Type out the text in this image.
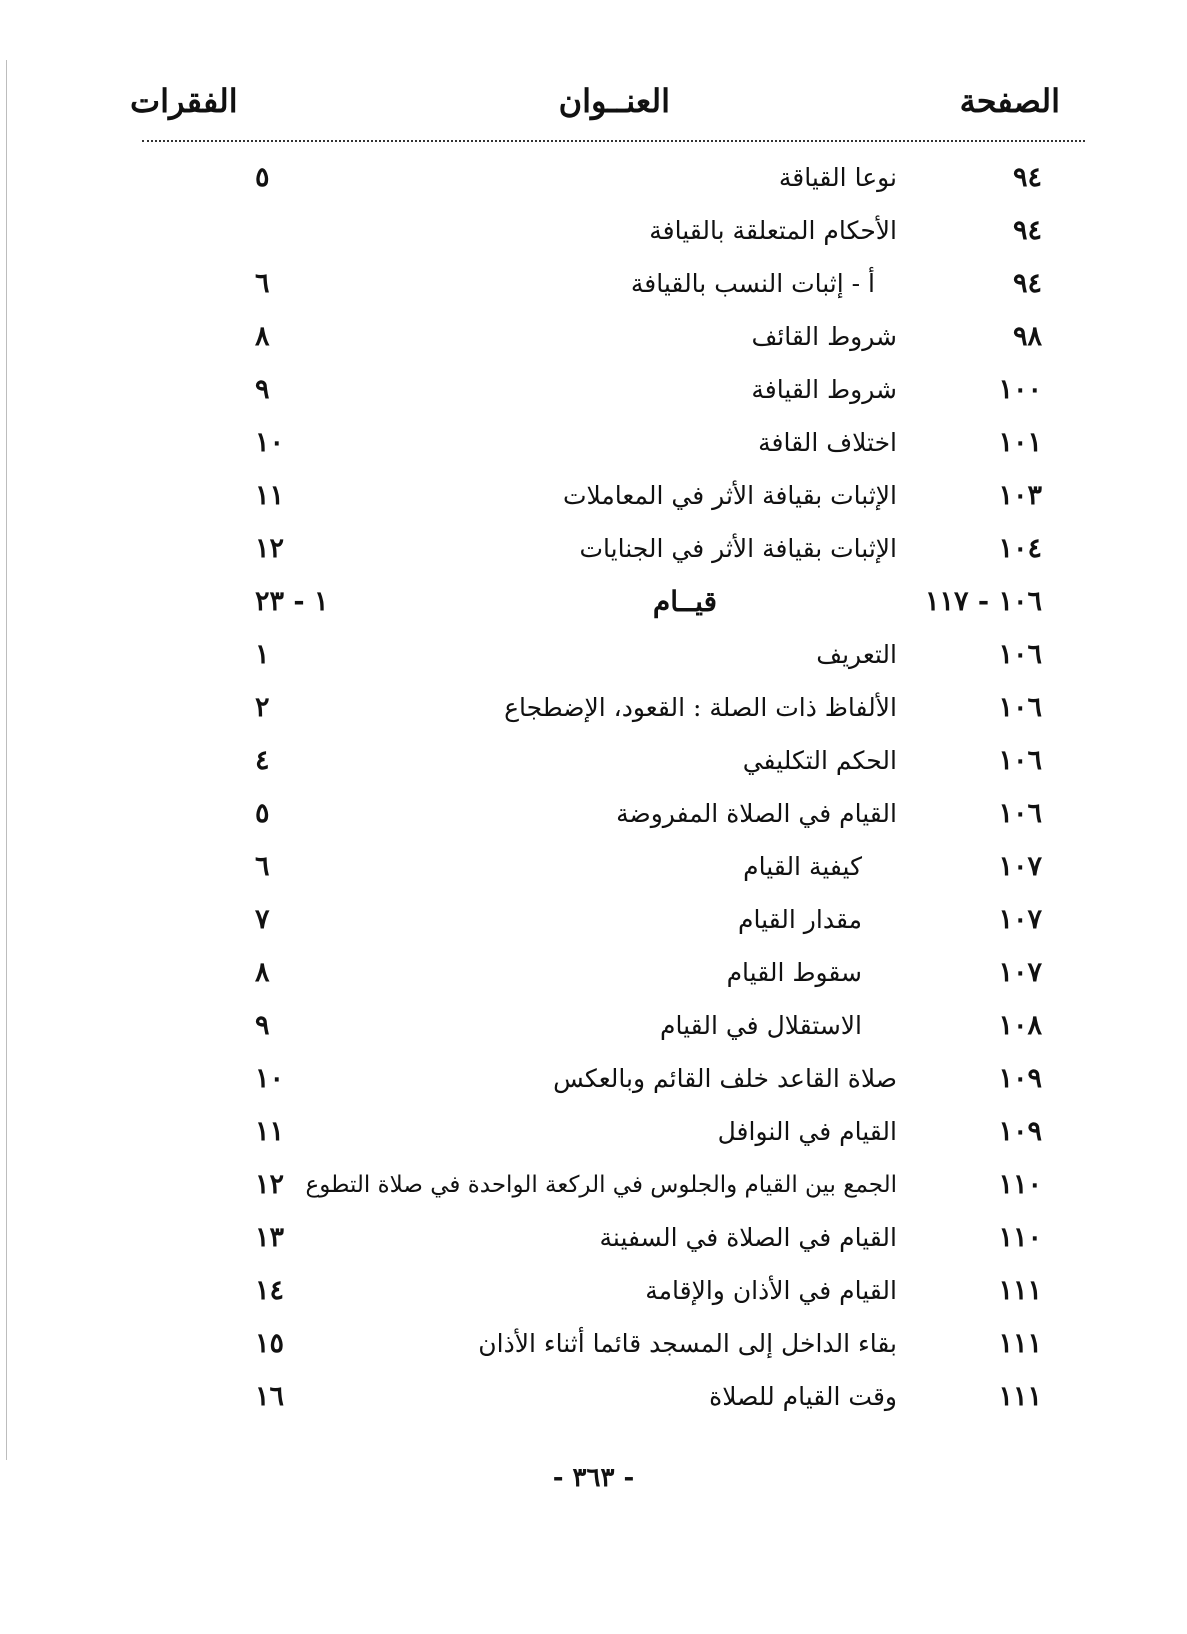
الصفحة
العنــوان
الفقرات
٩٤
نوعا القياقة
٥
٩٤
الأحكام المتعلقة بالقيافة
٩٤
أ - إثبات النسب بالقيافة
٦
٩٨
شروط القائف
٨
١٠٠
شروط القيافة
٩
١٠١
اختلاف القافة
١٠
١٠٣
الإثبات بقيافة الأثر في المعاملات
١١
١٠٤
الإثبات بقيافة الأثر في الجنايات
١٢
١٠٦ - ١١٧
قيــام
١ - ٢٣
١٠٦
التعريف
١
١٠٦
الألفاظ ذات الصلة : القعود، الإضطجاع
٢
١٠٦
الحكم التكليفي
٤
١٠٦
القيام في الصلاة المفروضة
٥
١٠٧
كيفية القيام
٦
١٠٧
مقدار القيام
٧
١٠٧
سقوط القيام
٨
١٠٨
الاستقلال في القيام
٩
١٠٩
صلاة القاعد خلف القائم وبالعكس
١٠
١٠٩
القيام في النوافل
١١
١١٠
الجمع بين القيام والجلوس في الركعة الواحدة في صلاة التطوع
١٢
١١٠
القيام في الصلاة في السفينة
١٣
١١١
القيام في الأذان والإقامة
١٤
١١١
بقاء الداخل إلى المسجد قائما أثناء الأذان
١٥
١١١
وقت القيام للصلاة
١٦
- ٣٦٣ -
